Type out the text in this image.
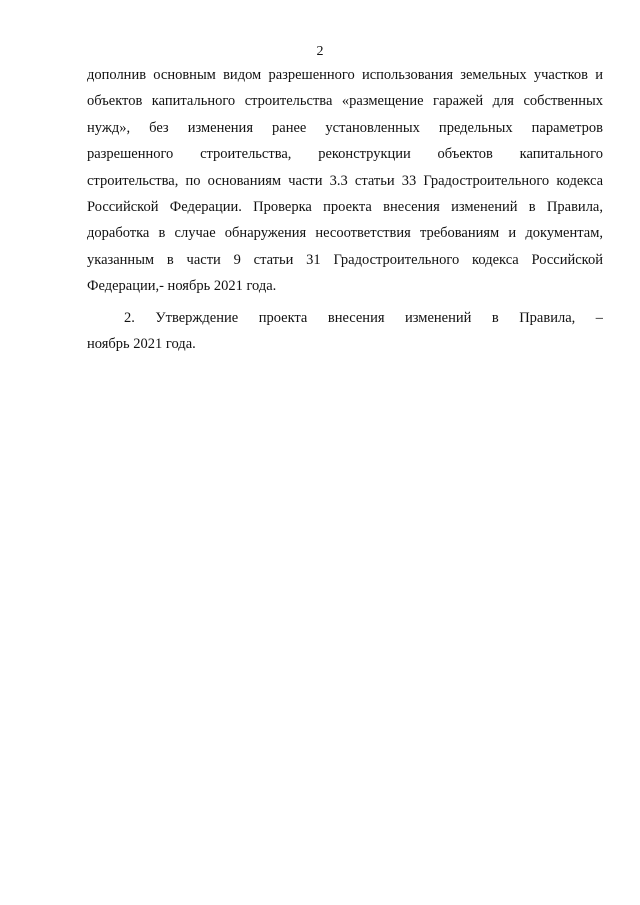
2
дополнив основным видом разрешенного использования земельных участков и
объектов капитального строительства «размещение гаражей для собственных
нужд», без изменения ранее установленных предельных параметров
разрешенного строительства, реконструкции объектов капитального
строительства, по основаниям части 3.3 статьи 33 Градостроительного кодекса
Российской Федерации. Проверка проекта внесения изменений в Правила,
доработка в случае обнаружения несоответствия требованиям и документам,
указанным в части 9 статьи 31 Градостроительного кодекса Российской
Федерации,- ноябрь 2021 года.
2. Утверждение проекта внесения изменений в Правила, –
ноябрь 2021 года.
